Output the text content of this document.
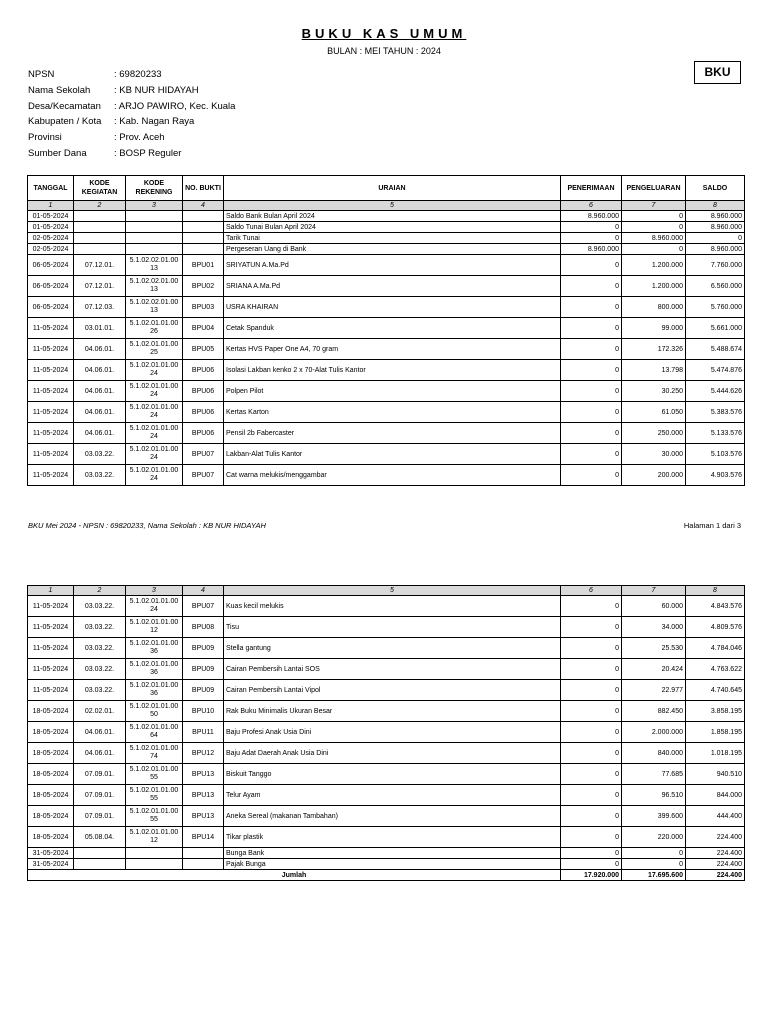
BUKU KAS UMUM
BULAN : MEI TAHUN : 2024
BKU
NPSN	: 69820233
Nama Sekolah	: KB NUR HIDAYAH
Desa/Kecamatan	: ARJO PAWIRO, Kec. Kuala
Kabupaten / Kota	: Kab. Nagan Raya
Provinsi	: Prov. Aceh
Sumber Dana	: BOSP Reguler
TANGGAL	KODE KEGIATAN	KODE REKENING	NO. BUKTI	URAIAN	PENERIMAAN	PENGELUARAN	SALDO
1	2	3	4	5	6	7	8
01-05-2024				Saldo Bank Bulan April 2024	8.960.000	0	8.960.000
01-05-2024				Saldo Tunai Bulan April 2024	0	0	8.960.000
02-05-2024				Tarik Tunai	0	8.960.000	0
02-05-2024				Pergeseran Uang di Bank	8.960.000	0	8.960.000
06-05-2024	07.12.01.	5.1.02.02.01.00 13	BPU01	SRIYATUN A.Ma.Pd	0	1.200.000	7.760.000
06-05-2024	07.12.01.	5.1.02.02.01.00 13	BPU02	SRIANA A.Ma.Pd	0	1.200.000	6.560.000
06-05-2024	07.12.03.	5.1.02.02.01.00 13	BPU03	USRA KHAIRAN	0	800.000	5.760.000
11-05-2024	03.01.01.	5.1.02.01.01.00 26	BPU04	Cetak Spanduk	0	99.000	5.661.000
11-05-2024	04.06.01.	5.1.02.01.01.00 25	BPU05	Kertas HVS Paper One A4, 70 gram	0	172.326	5.488.674
11-05-2024	04.06.01.	5.1.02.01.01.00 24	BPU06	Isolasi Lakban kenko 2 x 70-Alat Tulis Kantor	0	13.798	5.474.876
11-05-2024	04.06.01.	5.1.02.01.01.00 24	BPU06	Polpen Pilot	0	30.250	5.444.626
11-05-2024	04.06.01.	5.1.02.01.01.00 24	BPU06	Kertas Karton	0	61.050	5.383.576
11-05-2024	04.06.01.	5.1.02.01.01.00 24	BPU06	Pensil 2b Fabercaster	0	250.000	5.133.576
11-05-2024	03.03.22.	5.1.02.01.01.00 24	BPU07	Lakban-Alat Tulis Kantor	0	30.000	5.103.576
11-05-2024	03.03.22.	5.1.02.01.01.00 24	BPU07	Cat warna melukis/menggambar	0	200.000	4.903.576
BKU Mei 2024 - NPSN : 69820233, Nama Sekolah : KB NUR HIDAYAH	Halaman 1 dari 3
1	2	3	4	5	6	7	8
11-05-2024	03.03.22.	5.1.02.01.01.00 24	BPU07	Kuas kecil melukis	0	60.000	4.843.576
11-05-2024	03.03.22.	5.1.02.01.01.00 12	BPU08	Tisu	0	34.000	4.809.576
11-05-2024	03.03.22.	5.1.02.01.01.00 36	BPU09	Stella gantung	0	25.530	4.784.046
11-05-2024	03.03.22.	5.1.02.01.01.00 36	BPU09	Cairan Pembersih Lantai SOS	0	20.424	4.763.622
11-05-2024	03.03.22.	5.1.02.01.01.00 36	BPU09	Cairan Pembersih Lantai Vipol	0	22.977	4.740.645
18-05-2024	02.02.01.	5.1.02.01.01.00 50	BPU10	Rak Buku Minimalis Ukuran Besar	0	882.450	3.858.195
18-05-2024	04.06.01.	5.1.02.01.01.00 64	BPU11	Baju Profesi Anak Usia Dini	0	2.000.000	1.858.195
18-05-2024	04.06.01.	5.1.02.01.01.00 74	BPU12	Baju Adat Daerah Anak Usia Dini	0	840.000	1.018.195
18-05-2024	07.09.01.	5.1.02.01.01.00 55	BPU13	Biskuit Tanggo	0	77.685	940.510
18-05-2024	07.09.01.	5.1.02.01.01.00 55	BPU13	Telur Ayam	0	96.510	844.000
18-05-2024	07.09.01.	5.1.02.01.01.00 55	BPU13	Aneka Sereal (makanan Tambahan)	0	399.600	444.400
18-05-2024	05.08.04.	5.1.02.01.01.00 12	BPU14	Tikar plastik	0	220.000	224.400
31-05-2024				Bunga Bank	0	0	224.400
31-05-2024				Pajak Bunga	0	0	224.400
Jumlah					17.920.000	17.695.600	224.400
